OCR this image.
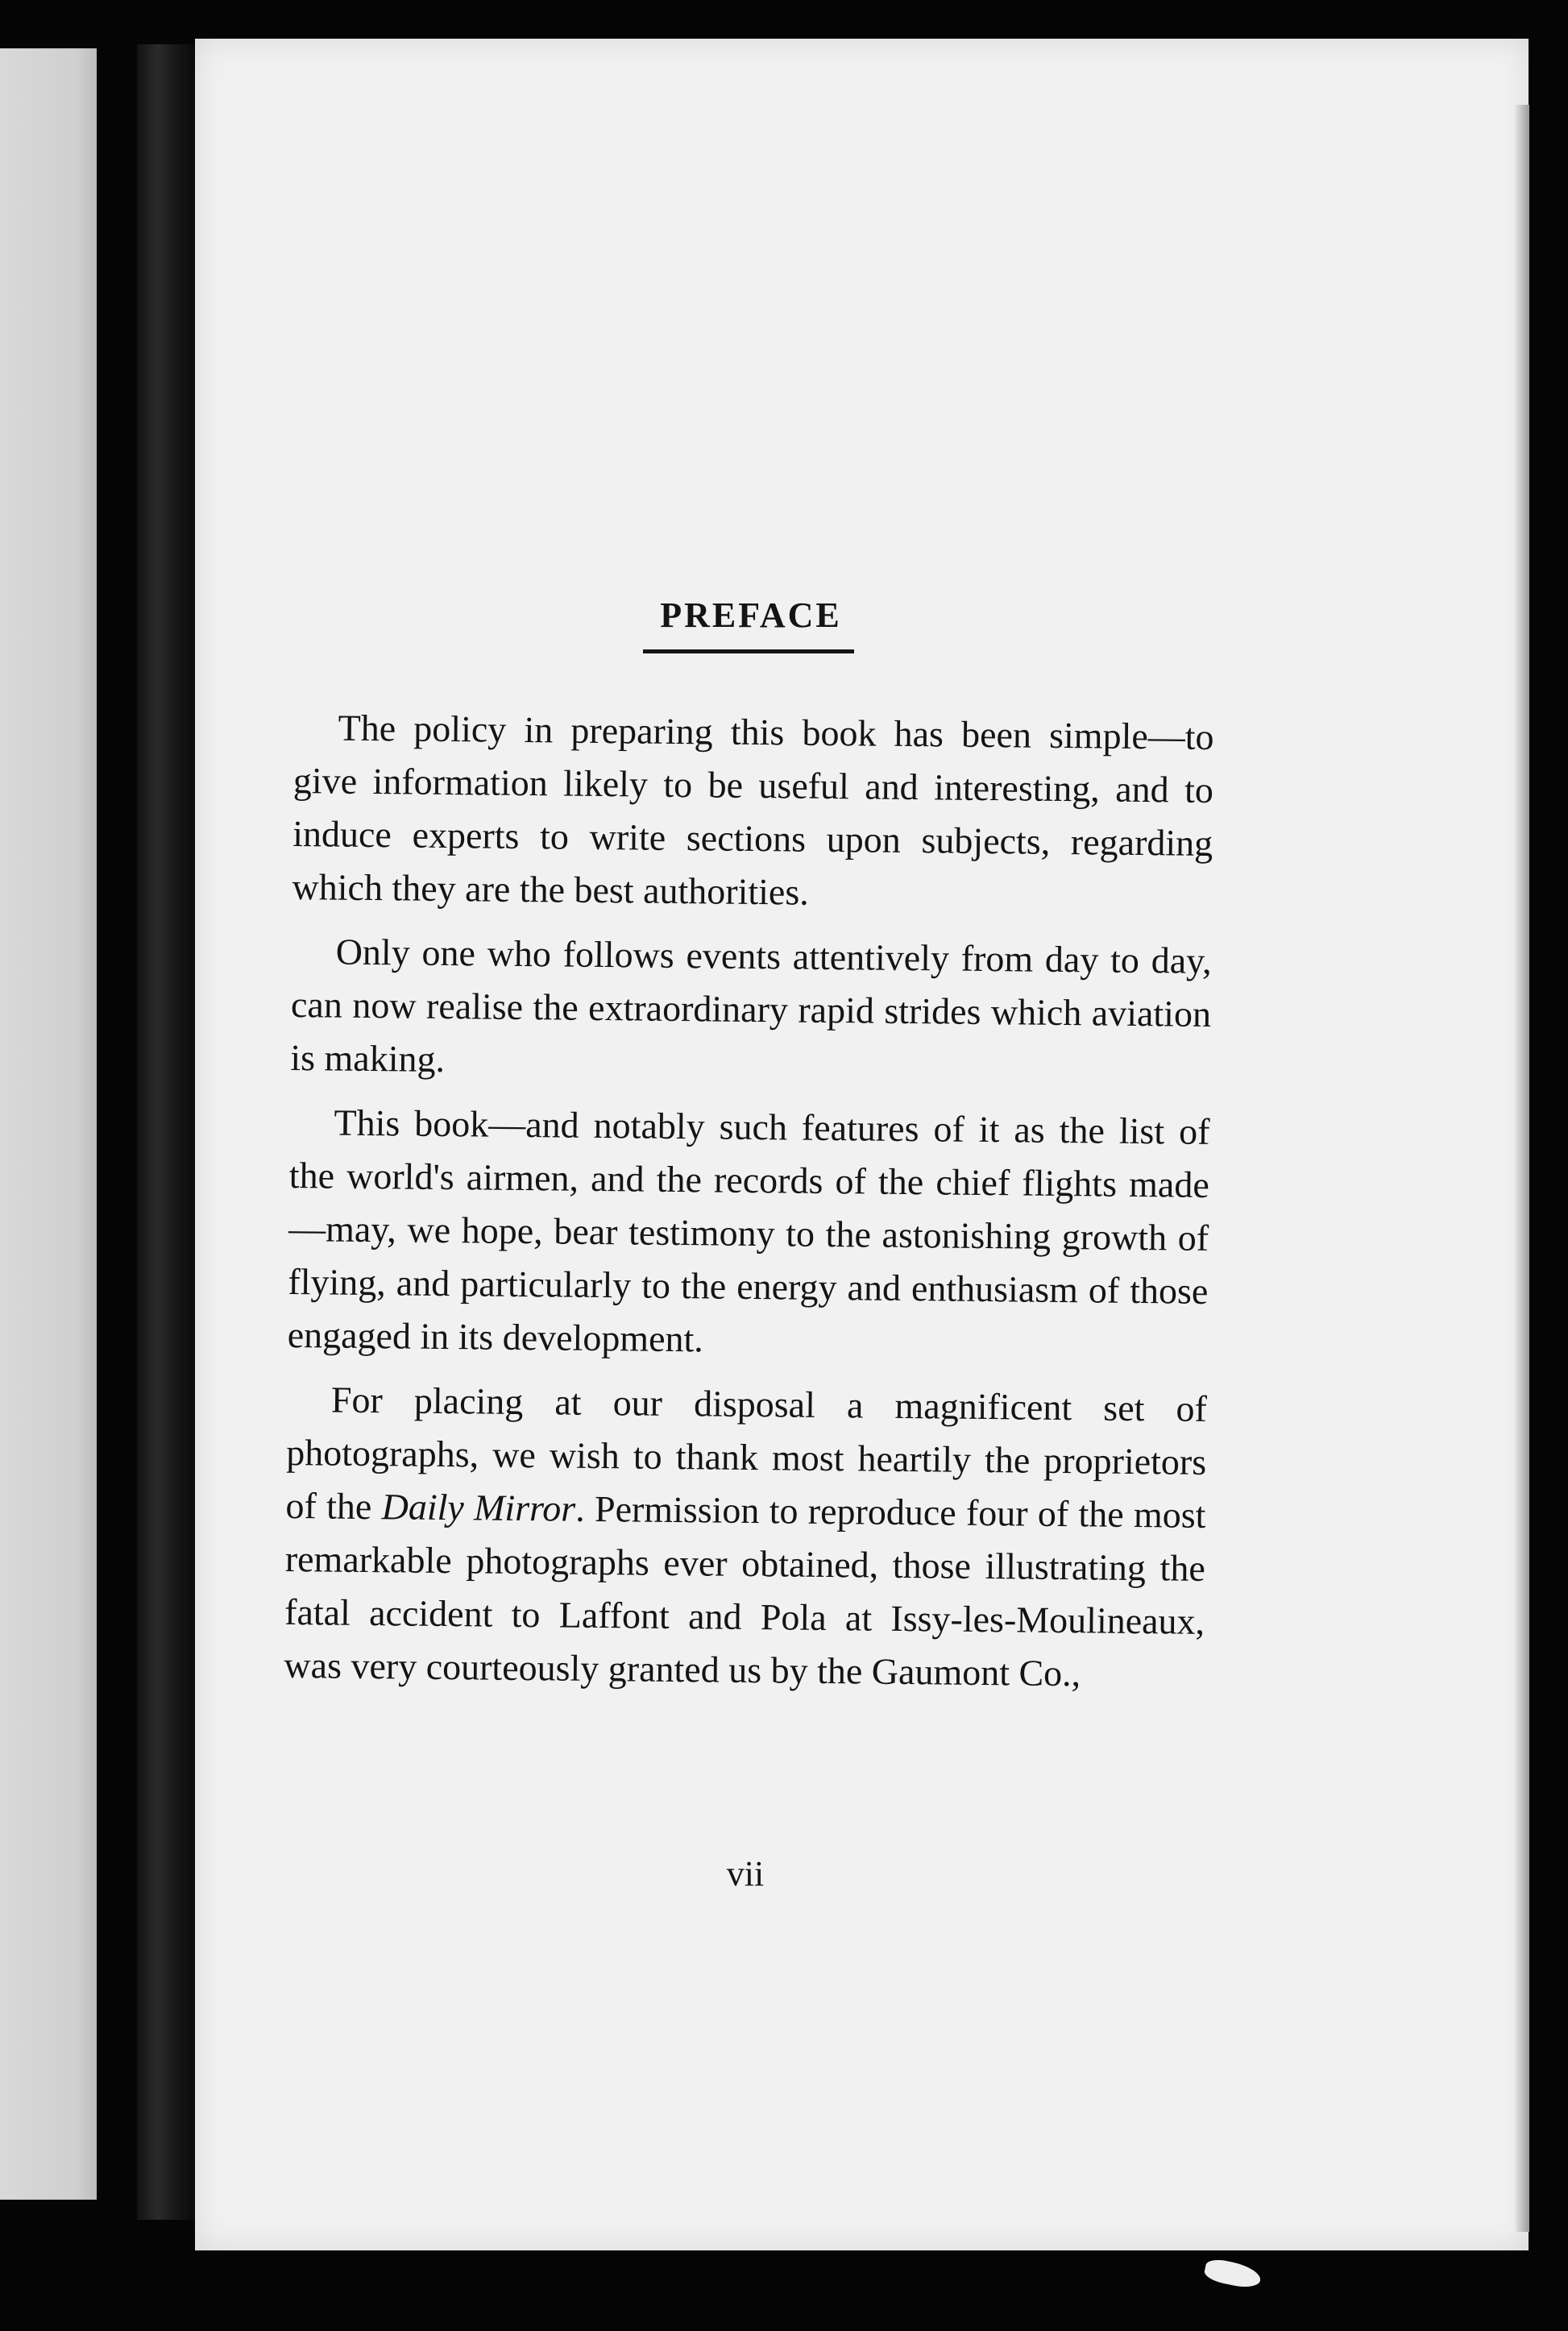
PREFACE

The policy in preparing this book has been simple—to give information likely to be useful and interesting, and to induce experts to write sections upon subjects, regarding which they are the best authorities.

Only one who follows events attentively from day to day, can now realise the extraordinary rapid strides which aviation is making.

This book—and notably such features of it as the list of the world's airmen, and the records of the chief flights made—may, we hope, bear testimony to the astonishing growth of flying, and particularly to the energy and enthusiasm of those engaged in its development.

For placing at our disposal a magnificent set of photographs, we wish to thank most heartily the proprietors of the Daily Mirror. Permission to reproduce four of the most remarkable photographs ever obtained, those illustrating the fatal accident to Laffont and Pola at Issy-les-Moulineaux, was very courteously granted us by the Gaumont Co.,

vii
